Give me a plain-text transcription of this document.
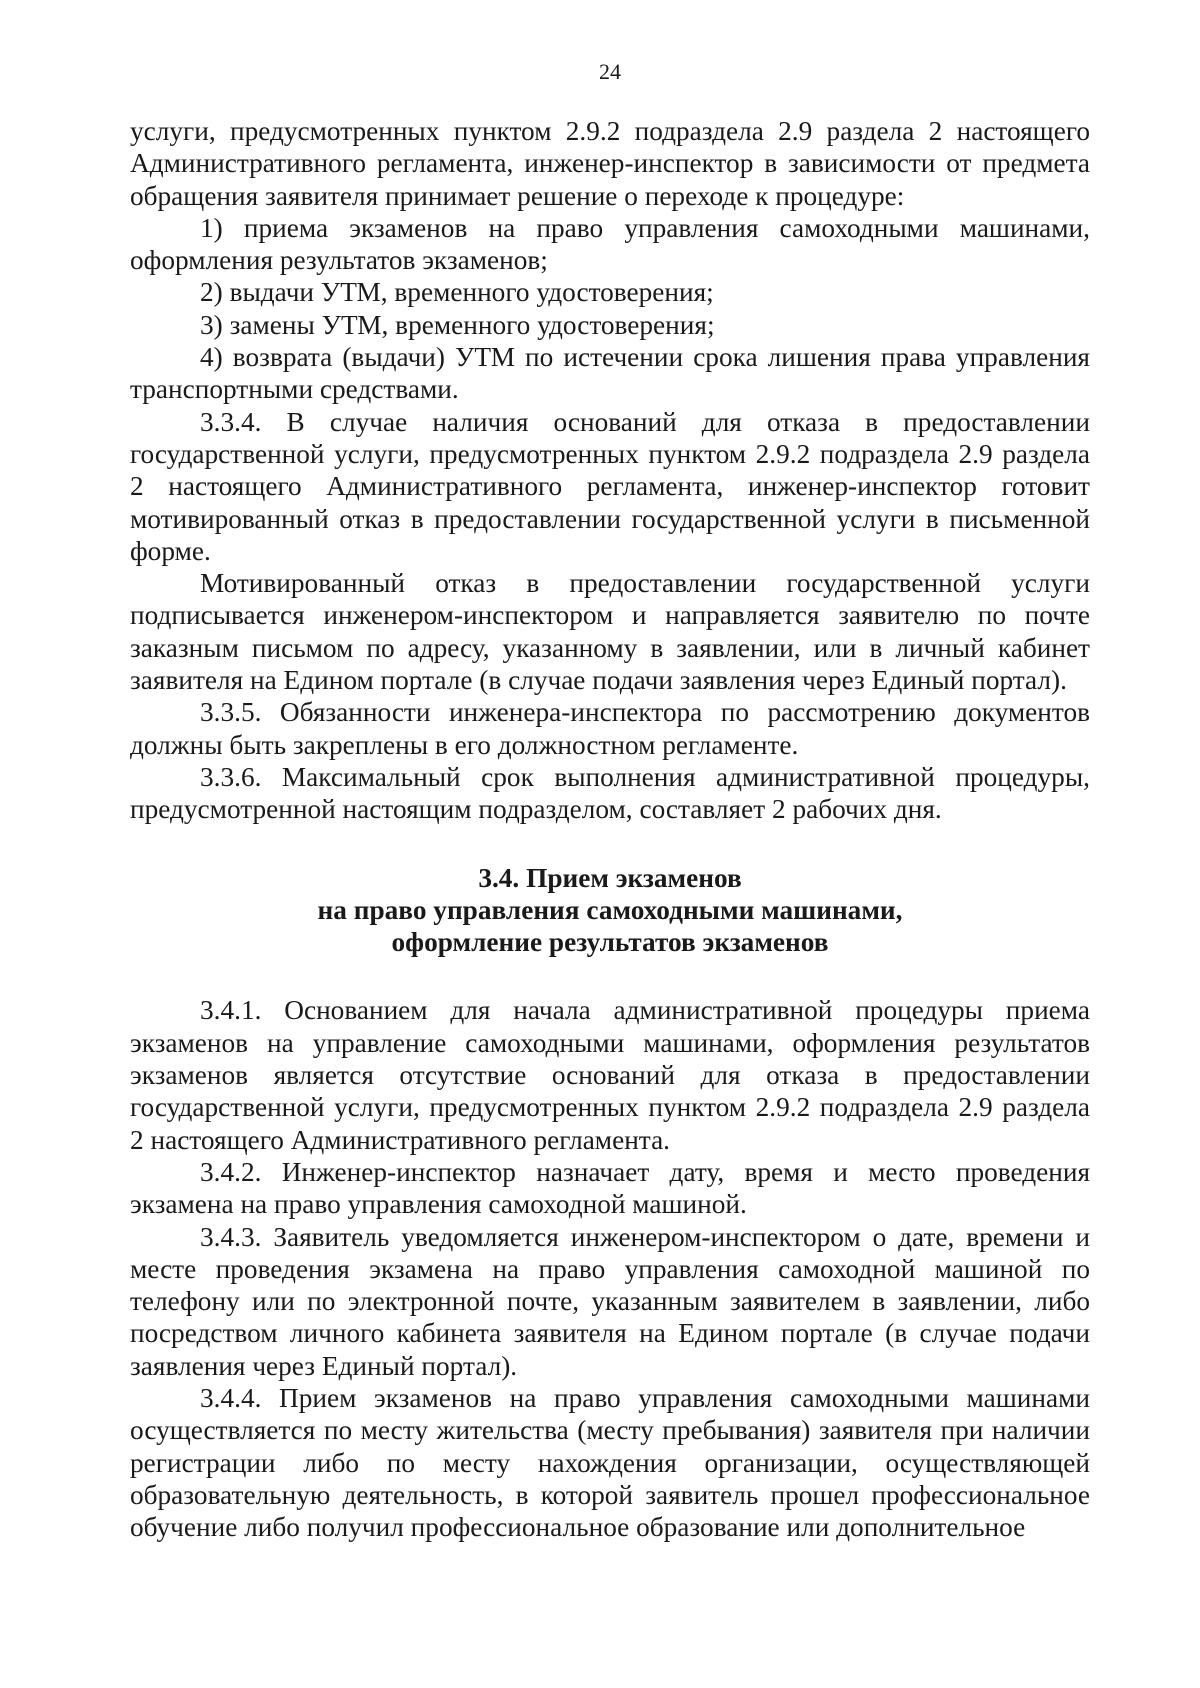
24

услуги, предусмотренных пунктом 2.9.2 подраздела 2.9 раздела 2 настоящего Административного регламента, инженер-инспектор в зависимости от предмета обращения заявителя принимает решение о переходе к процедуре:

1) приема экзаменов на право управления самоходными машинами, оформления результатов экзаменов;

2) выдачи УТМ, временного удостоверения;

3) замены УТМ, временного удостоверения;

4) возврата (выдачи) УТМ по истечении срока лишения права управления транспортными средствами.

3.3.4. В случае наличия оснований для отказа в предоставлении государственной услуги, предусмотренных пунктом 2.9.2 подраздела 2.9 раздела 2 настоящего Административного регламента, инженер-инспектор готовит мотивированный отказ в предоставлении государственной услуги в письменной форме.

Мотивированный отказ в предоставлении государственной услуги подписывается инженером-инспектором и направляется заявителю по почте заказным письмом по адресу, указанному в заявлении, или в личный кабинет заявителя на Едином портале (в случае подачи заявления через Единый портал).

3.3.5. Обязанности инженера-инспектора по рассмотрению документов должны быть закреплены в его должностном регламенте.

3.3.6. Максимальный срок выполнения административной процедуры, предусмотренной настоящим подразделом, составляет 2 рабочих дня.

3.4. Прием экзаменов
на право управления самоходными машинами,
оформление результатов экзаменов

3.4.1. Основанием для начала административной процедуры приема экзаменов на управление самоходными машинами, оформления результатов экзаменов является отсутствие оснований для отказа в предоставлении государственной услуги, предусмотренных пунктом 2.9.2 подраздела 2.9 раздела 2 настоящего Административного регламента.

3.4.2. Инженер-инспектор назначает дату, время и место проведения экзамена на право управления самоходной машиной.

3.4.3. Заявитель уведомляется инженером-инспектором о дате, времени и месте проведения экзамена на право управления самоходной машиной по телефону или по электронной почте, указанным заявителем в заявлении, либо посредством личного кабинета заявителя на Едином портале (в случае подачи заявления через Единый портал).

3.4.4. Прием экзаменов на право управления самоходными машинами осуществляется по месту жительства (месту пребывания) заявителя при наличии регистрации либо по месту нахождения организации, осуществляющей образовательную деятельность, в которой заявитель прошел профессиональное обучение либо получил профессиональное образование или дополнительное
